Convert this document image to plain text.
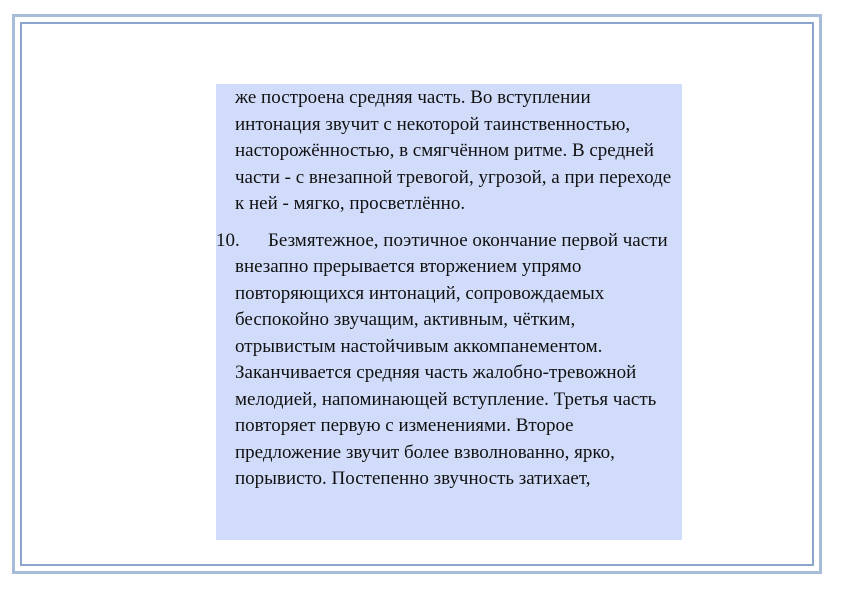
же построена средняя часть. Во вступлении интонация звучит с некоторой таинственностью, насторожённостью, в смягчённом ритме. В средней части - с внезапной тревогой, угрозой, а при переходе к ней - мягко, просветлённо.

10.	Безмятежное, поэтичное окончание первой части внезапно прерывается вторжением упрямо повторяющихся интонаций, сопровождаемых беспокойно звучащим, активным, чётким, отрывистым настойчивым аккомпанементом. Заканчивается средняя часть жалобно-тревожной мелодией, напоминающей вступление. Третья часть повторяет первую с изменениями. Второе предложение звучит более взволнованно, ярко, порывисто. Постепенно звучность затихает,
